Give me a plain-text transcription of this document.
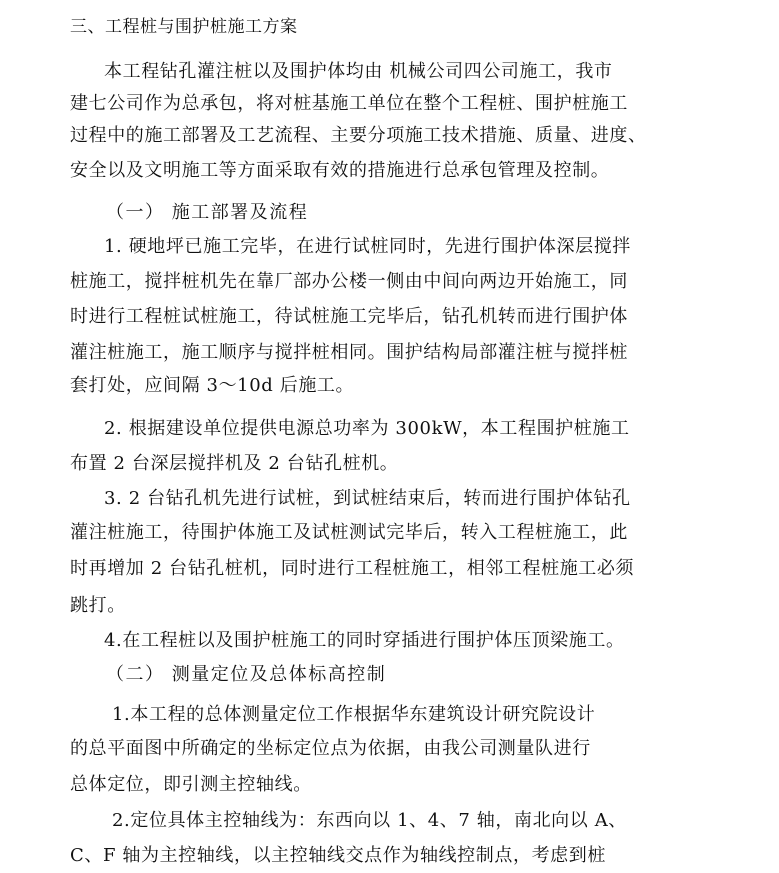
三、工程桩与围护桩施工方案
本工程钻孔灌注桩以及围护体均由 机械公司四公司施工，我市
建七公司作为总承包，将对桩基施工单位在整个工程桩、围护桩施工
过程中的施工部署及工艺流程、主要分项施工技术措施、质量、进度、
安全以及文明施工等方面采取有效的措施进行总承包管理及控制。
（一） 施工部署及流程
1. 硬地坪已施工完毕，在进行试桩同时，先进行围护体深层搅拌
桩施工，搅拌桩机先在靠厂部办公楼一侧由中间向两边开始施工，同
时进行工程桩试桩施工，待试桩施工完毕后，钻孔机转而进行围护体
灌注桩施工，施工顺序与搅拌桩相同。围护结构局部灌注桩与搅拌桩
套打处，应间隔 3～10d 后施工。
2. 根据建设单位提供电源总功率为 300kW，本工程围护桩施工
布置 2 台深层搅拌机及 2 台钻孔桩机。
3. 2 台钻孔机先进行试桩，到试桩结束后，转而进行围护体钻孔
灌注桩施工，待围护体施工及试桩测试完毕后，转入工程桩施工，此
时再增加 2 台钻孔桩机，同时进行工程桩施工，相邻工程桩施工必须
跳打。
4.在工程桩以及围护桩施工的同时穿插进行围护体压顶梁施工。
（二） 测量定位及总体标高控制
1.本工程的总体测量定位工作根据华东建筑设计研究院设计
的总平面图中所确定的坐标定位点为依据，由我公司测量队进行
总体定位，即引测主控轴线。
2.定位具体主控轴线为：东西向以 1、4、7 轴，南北向以 A、
C、F 轴为主控轴线，以主控轴线交点作为轴线控制点，考虑到桩
